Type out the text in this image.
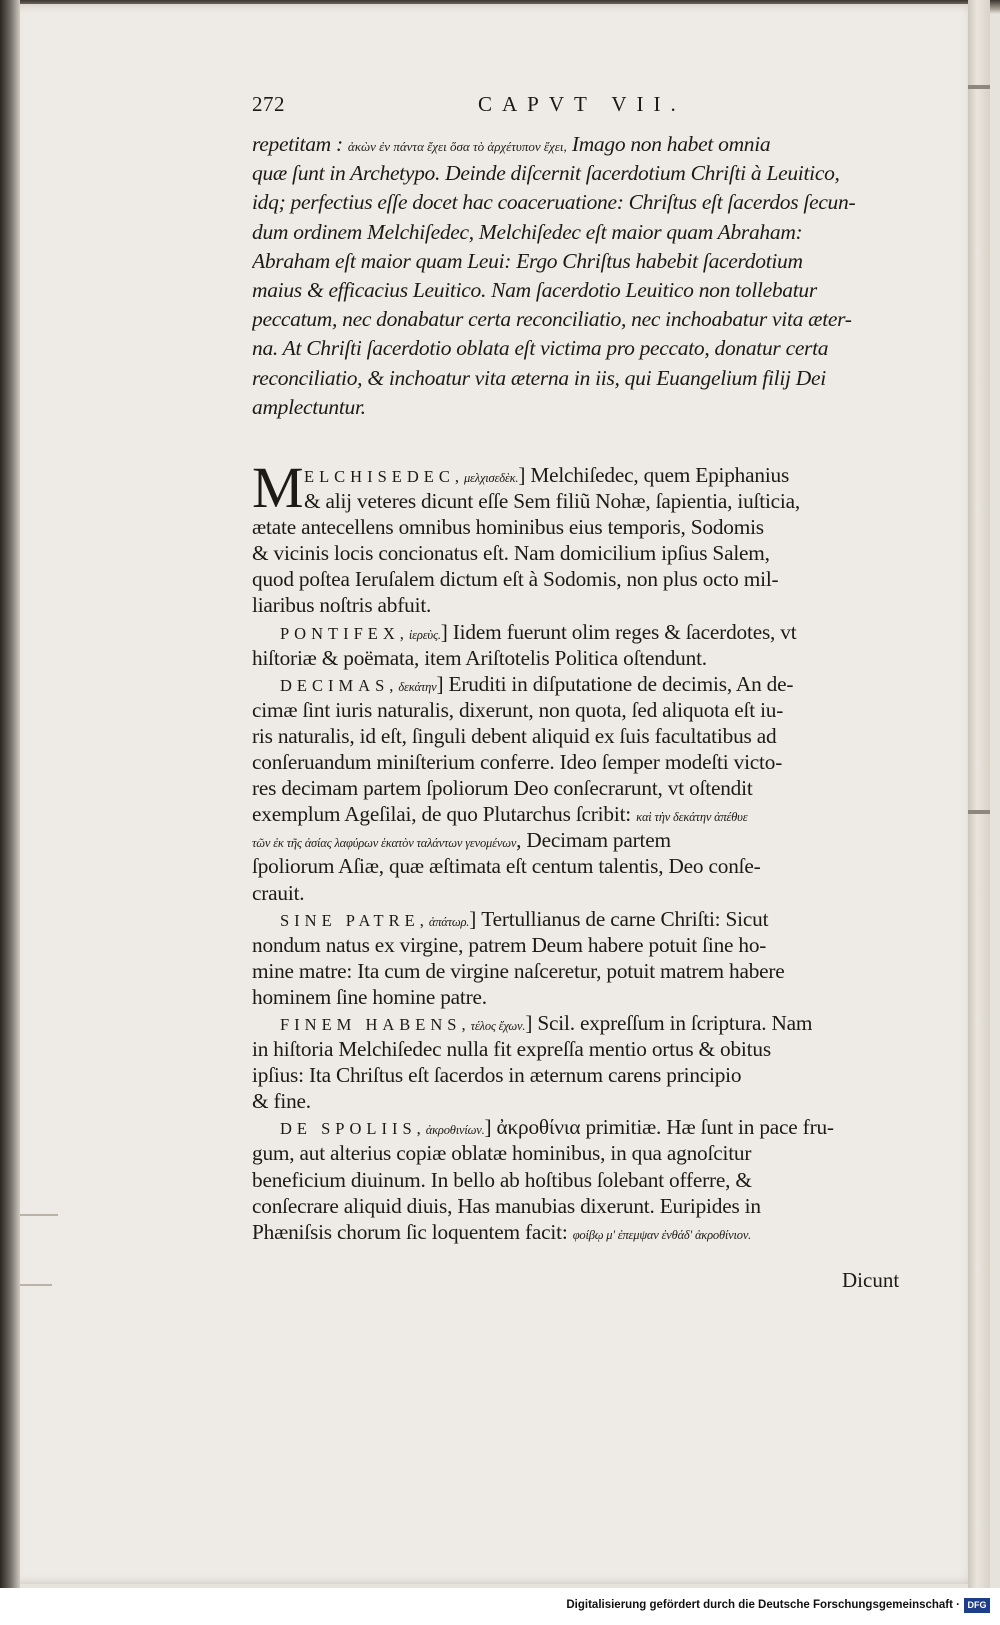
272	CAPVT VII.
repetitam : ἀκὼν ἐν πάντα ἔχει ὅσα τὸ ἀρχέτυπον ἔχει, Imago non habet omnia
quæ ſunt in Archetypo. Deinde diſcernit ſacerdotium Chriſti à Leuitico,
idq; perfectius eſſe docet hac coaceruatione: Chriſtus eſt ſacerdos ſecun-
dum ordinem Melchiſedec, Melchiſedec eſt maior quam Abraham:
Abraham eſt maior quam Leui: Ergo Chriſtus habebit ſacerdotium
maius & efficacius Leuitico. Nam ſacerdotio Leuitico non tollebatur
peccatum, nec donabatur certa reconciliatio, nec inchoabatur vita æter-
na. At Chriſti ſacerdotio oblata eſt victima pro peccato, donatur certa
reconciliatio, & inchoatur vita æterna in iis, qui Euangelium filij Dei
amplectuntur.
M ELCHISEDEC,μελχισεδὲκ.] Melchiſedec, quem Epiphanius
& alij veteres dicunt eſſe Sem filiũ Nohæ, ſapientia, iuſticia,
ætate antecellens omnibus hominibus eius temporis, Sodomis
& vicinis locis concionatus eſt. Nam domicilium ipſius Salem,
quod poſtea Ieruſalem dictum eſt à Sodomis, non plus octo mil-
liaribus noſtris abfuit.
PONTIFEX,ἱερεὺς.] Iidem fuerunt olim reges & ſacerdotes, vt
hiſtoriæ & poëmata, item Ariſtotelis Politica oſtendunt.
DECIMAS,δεκάτην] Eruditi in diſputatione de decimis, An de-
cimæ ſint iuris naturalis, dixerunt, non quota, ſed aliquota eſt iu-
ris naturalis, id eſt, ſinguli debent aliquid ex ſuis facultatibus ad
conſeruandum miniſterium conferre. Ideo ſemper modeſti victo-
res decimam partem ſpoliorum Deo conſecrarunt, vt oſtendit
exemplum Ageſilai, de quo Plutarchus ſcribit: καὶ τὴν δεκάτην ἀπέθυε
τῶν ἐκ τῆς ἀσίας λαφύρων ἑκατὸν ταλάντων γενομένων, Decimam partem
ſpoliorum Aſiæ, quæ æſtimata eſt centum talentis, Deo conſe-
crauit.
SINE PATRE,ἀπάτωρ.] Tertullianus de carne Chriſti: Sicut
nondum natus ex virgine, patrem Deum habere potuit ſine ho-
mine matre: Ita cum de virgine naſceretur, potuit matrem habere
hominem ſine homine patre.
FINEM HABENS,τέλος ἔχων.] Scil. expreſſum in ſcriptura. Nam
in hiſtoria Melchiſedec nulla fit expreſſa mentio ortus & obitus
ipſius: Ita Chriſtus eſt ſacerdos in æternum carens principio
& fine.
DE SPOLIIS,ἀκροθινίων.] ἀκροθίνια primitiæ. Hæ ſunt in pace fru-
gum, aut alterius copiæ oblatæ hominibus, in qua agnoſcitur
beneficium diuinum. In bello ab hoſtibus ſolebant offerre, &
conſecrare aliquid diuis, Has manubias dixerunt. Euripides in
Phæniſsis chorum ſic loquentem facit: φοίβῳ μ' ἐπεμψαν ἐνθάδ' ἀκροθίνιον.
Dicunt
Digitalisierung gefördert durch die Deutsche Forschungsgemeinschaft · DFG
